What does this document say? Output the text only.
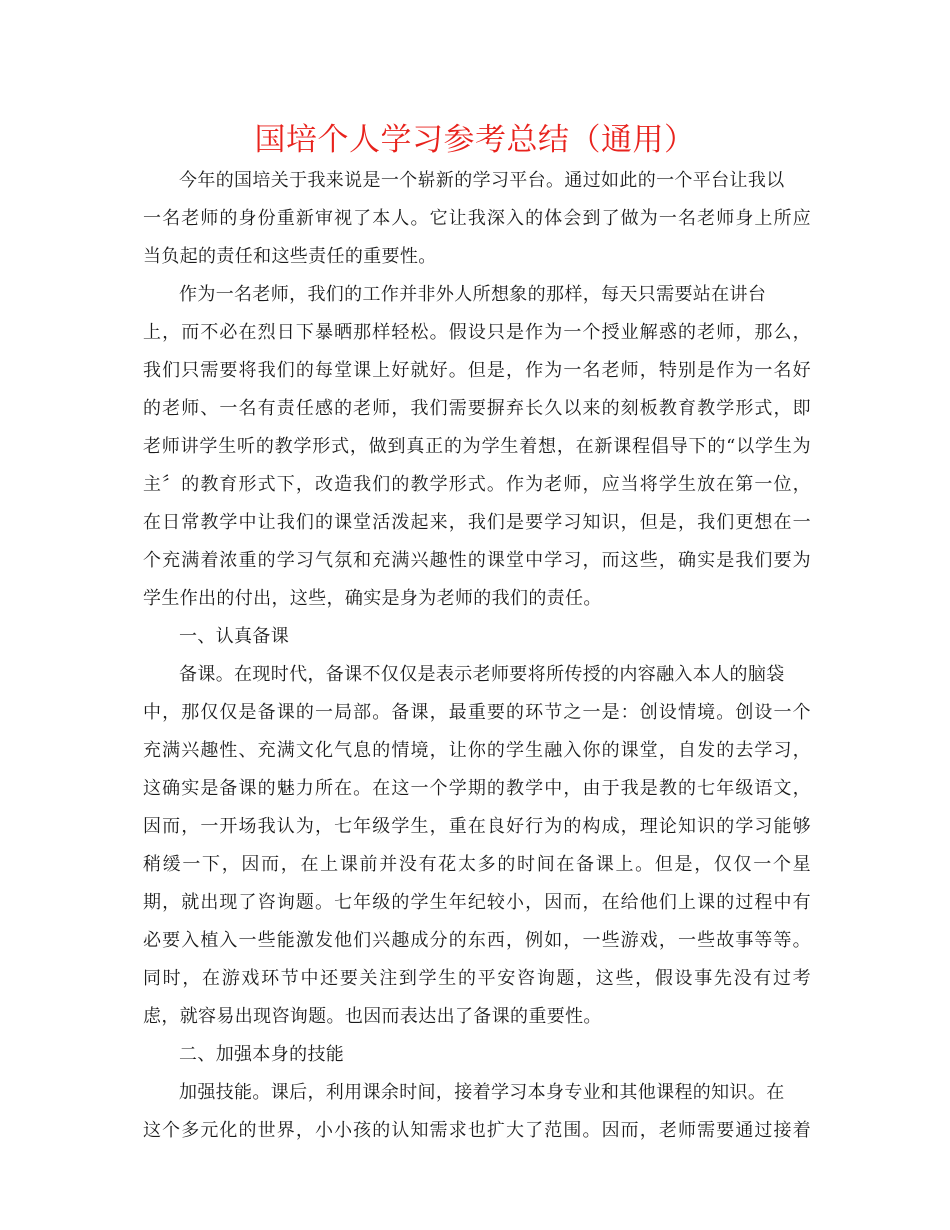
国培个人学习参考总结（通用）
今年的国培关于我来说是一个崭新的学习平台。通过如此的一个平台让我以
一名老师的身份重新审视了本人。它让我深入的体会到了做为一名老师身上所应
当负起的责任和这些责任的重要性。
作为一名老师，我们的工作并非外人所想象的那样，每天只需要站在讲台
上，而不必在烈日下暴晒那样轻松。假设只是作为一个授业解惑的老师，那么，
我们只需要将我们的每堂课上好就好。但是，作为一名老师，特别是作为一名好
的老师、一名有责任感的老师，我们需要摒弃长久以来的刻板教育教学形式，即
老师讲学生听的教学形式，做到真正的为学生着想，在新课程倡导下的“以学生为
主〞的教育形式下，改造我们的教学形式。作为老师，应当将学生放在第一位，
在日常教学中让我们的课堂活泼起来，我们是要学习知识，但是，我们更想在一
个充满着浓重的学习气氛和充满兴趣性的课堂中学习，而这些，确实是我们要为
学生作出的付出，这些，确实是身为老师的我们的责任。
一、认真备课
备课。在现时代，备课不仅仅是表示老师要将所传授的内容融入本人的脑袋
中，那仅仅是备课的一局部。备课，最重要的环节之一是：创设情境。创设一个
充满兴趣性、充满文化气息的情境，让你的学生融入你的课堂，自发的去学习，
这确实是备课的魅力所在。在这一个学期的教学中，由于我是教的七年级语文，
因而，一开场我认为，七年级学生，重在良好行为的构成，理论知识的学习能够
稍缓一下，因而，在上课前并没有花太多的时间在备课上。但是，仅仅一个星
期，就出现了咨询题。七年级的学生年纪较小，因而，在给他们上课的过程中有
必要入植入一些能激发他们兴趣成分的东西，例如，一些游戏，一些故事等等。
同时，在游戏环节中还要关注到学生的平安咨询题，这些，假设事先没有过考
虑，就容易出现咨询题。也因而表达出了备课的重要性。
二、加强本身的技能
加强技能。课后，利用课余时间，接着学习本身专业和其他课程的知识。在
这个多元化的世界，小小孩的认知需求也扩大了范围。因而，老师需要通过接着
